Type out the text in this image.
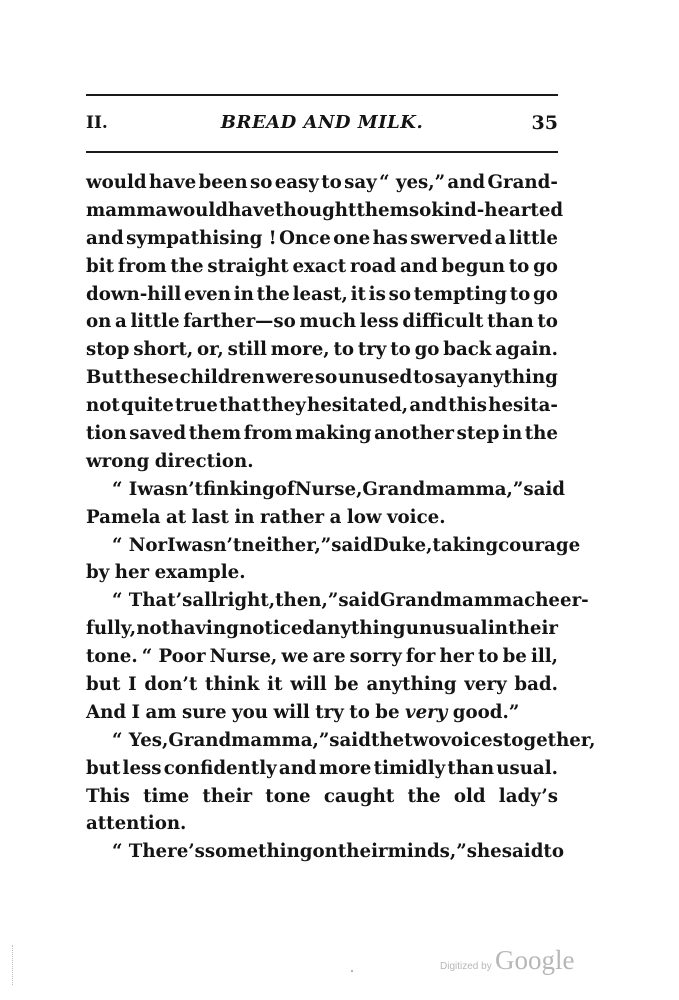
II.	BREAD AND MILK.	35
would have been so easy to say “ yes,” and Grand-
mamma would have thought them so kind-hearted
and sympathising ! Once one has swerved a little
bit from the straight exact road and begun to go
down-hill even in the least, it is so tempting to go
on a little farther—so much less difficult than to
stop short, or, still more, to try to go back again.
But these children were so unused to say anything
not quite true that they hesitated, and this hesita-
tion saved them from making another step in the
wrong direction.
“ I wasn’t finking of Nurse, Grandmamma,” said
Pamela at last in rather a low voice.
“ Nor I wasn’t neither,” said Duke, taking courage
by her example.
“ That’s all right, then,” said Grandmamma cheer-
fully, not having noticed anything unusual in their
tone. “ Poor Nurse, we are sorry for her to be ill,
but I don’t think it will be anything very bad.
And I am sure you will try to be very good.”
“ Yes, Grandmamma,” said the two voices together,
but less confidently and more timidly than usual.
This time their tone caught the old lady’s
attention.
“ There’s something on their minds,” she said to
Digitized by Google
